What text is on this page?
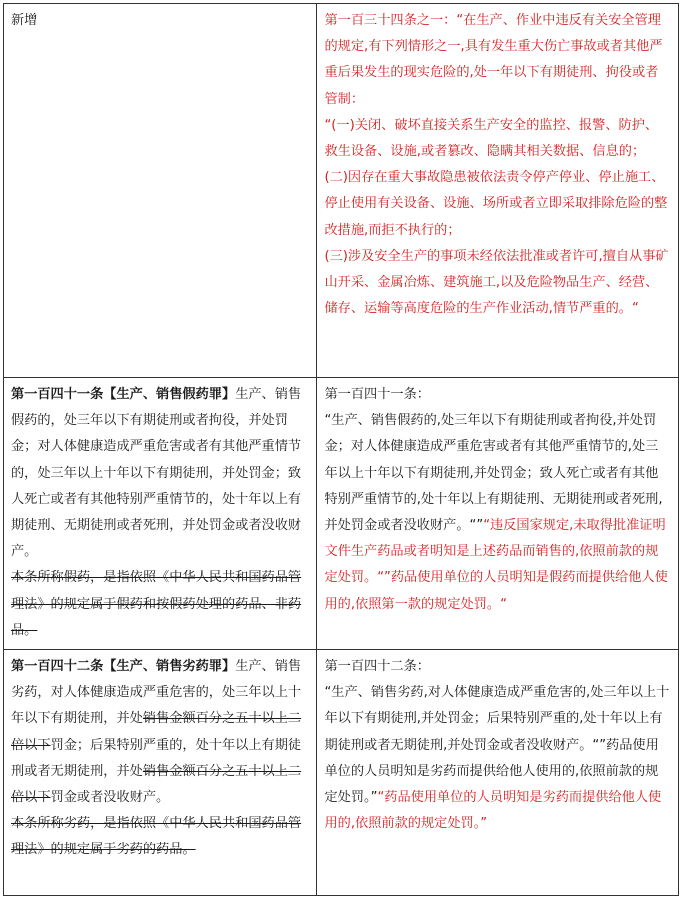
新增	第一百三十四条之一：“在生产、作业中违反有关安全管理的规定,有下列情形之一,具有发生重大伤亡事故或者其他严重后果发生的现实危险的,处一年以下有期徒刑、拘役或者管制：
“(一)关闭、破坏直接关系生产安全的监控、报警、防护、救生设备、设施,或者篡改、隐瞒其相关数据、信息的；
(二)因存在重大事故隐患被依法责令停产停业、停止施工、停止使用有关设备、设施、场所或者立即采取排除危险的整改措施,而拒不执行的；
(三)涉及安全生产的事项未经依法批准或者许可,擅自从事矿山开采、金属冶炼、建筑施工,以及危险物品生产、经营、储存、运输等高度危险的生产作业活动,情节严重的。“

第一百四十一条【生产、销售假药罪】生产、销售假药的，处三年以下有期徒刑或者拘役，并处罚金；对人体健康造成严重危害或者有其他严重情节的，处三年以上十年以下有期徒刑，并处罚金；致人死亡或者有其他特别严重情节的，处十年以上有期徒刑、无期徒刑或者死刑，并处罚金或者没收财产。
本条所称假药，是指依照《中华人民共和国药品管理法》的规定属于假药和按假药处理的药品、非药品。	第一百四十一条：
“生产、销售假药的,处三年以下有期徒刑或者拘役,并处罚金；对人体健康造成严重危害或者有其他严重情节的,处三年以上十年以下有期徒刑,并处罚金；致人死亡或者有其他特别严重情节的,处十年以上有期徒刑、无期徒刑或者死刑,并处罚金或者没收财产。“”“违反国家规定,未取得批准证明文件生产药品或者明知是上述药品而销售的,依照前款的规定处罚。“”药品使用单位的人员明知是假药而提供给他人使用的,依照第一款的规定处罚。“
第一百四十二条【生产、销售劣药罪】生产、销售劣药，对人体健康造成严重危害的，处三年以上十年以下有期徒刑，并处销售金额百分之五十以上二倍以下罚金；后果特别严重的，处十年以上有期徒刑或者无期徒刑，并处销售金额百分之五十以上二倍以下罚金或者没收财产。
本条所称劣药，是指依照《中华人民共和国药品管理法》的规定属于劣药的药品。	第一百四十二条：
“生产、销售劣药,对人体健康造成严重危害的,处三年以上十年以下有期徒刑,并处罚金；后果特别严重的,处十年以上有期徒刑或者无期徒刑,并处罚金或者没收财产。“”药品使用单位的人员明知是劣药而提供给他人使用的,依照前款的规定处罚。”“药品使用单位的人员明知是劣药而提供给他人使用的,依照前款的规定处罚。”
